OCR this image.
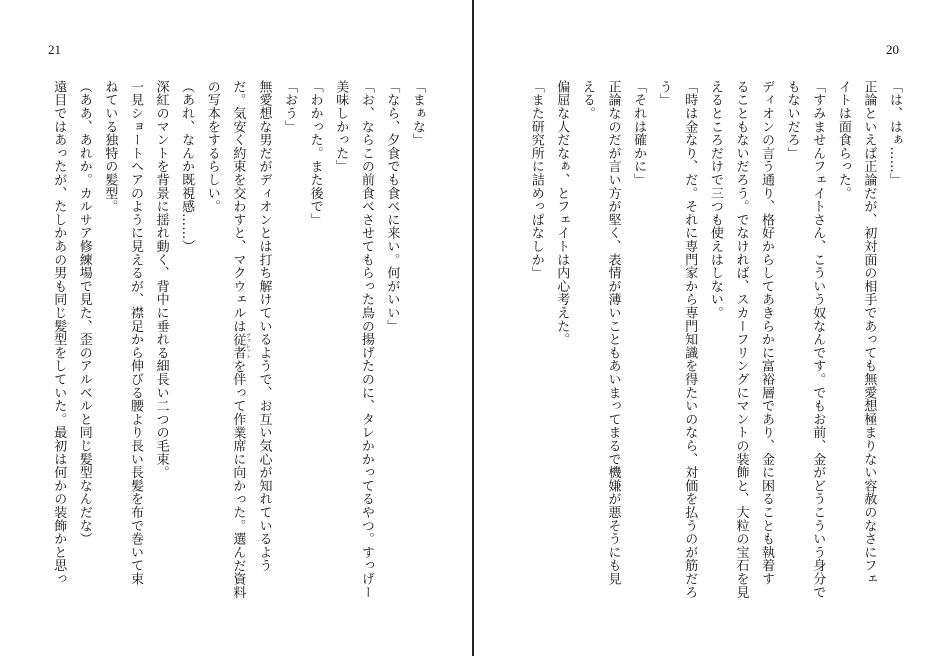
21
「まぁな」
「なら、夕食でも食べに来い。何がいい」
「お、ならこの前食べさせてもらった鳥の揚げたのに、タレかかってるやつ。すっげー
美味しかった」
「わかった。また後で」
「おう」
無愛想な男だがディオンとは打ち解けているようで、お互い気心が知れているよう
だ。気安く約束を交わすと、マクウェルは従者 ヴァレットを伴って作業席に向かった。選んだ資料
の写本をするらしい。
（あれ、なんか既視感……）
深紅のマントを背景に揺れ動く、背中に垂れる細長い二つの毛束。
一見ショートヘアのように見えるが、襟足から伸びる腰より長い長髪を布で巻いて束
ねている独特の髪型。
（ああ、あれか。カルサア修練場で見た、歪のアルベルと同じ髪型なんだな）
遠目ではあったが、たしかあの男も同じ髪型をしていた。最初は何かの装飾かと思っ
20
「は、はぁ……」
正論といえば正論だが、初対面の相手であっても無愛想極まりない容赦のなさにフェ
イトは面食らった。
「すみませんフェイトさん、こういう奴なんです。でもお前、金がどうこういう身分で
もないだろ」
ディオンの言う通り、格好からしてあきらかに富裕層であり、金に困ることも執着す
ることもないだろう。でなければ、スカーフリングにマントの装飾と、大粒の宝石を見
えるところだけで三つも使えはしない。
「時は金なり、だ。それに専門家から専門知識を得たいのなら、対価を払うのが筋だろ
う」
「それは確かに」
正論なのだが言い方が堅く、表情が薄いこともあいまってまるで機嫌が悪そうにも見
える。
偏屈な人だなぁ、とフェイトは内心考えた。
「また研究所に詰めっぱなしか」
